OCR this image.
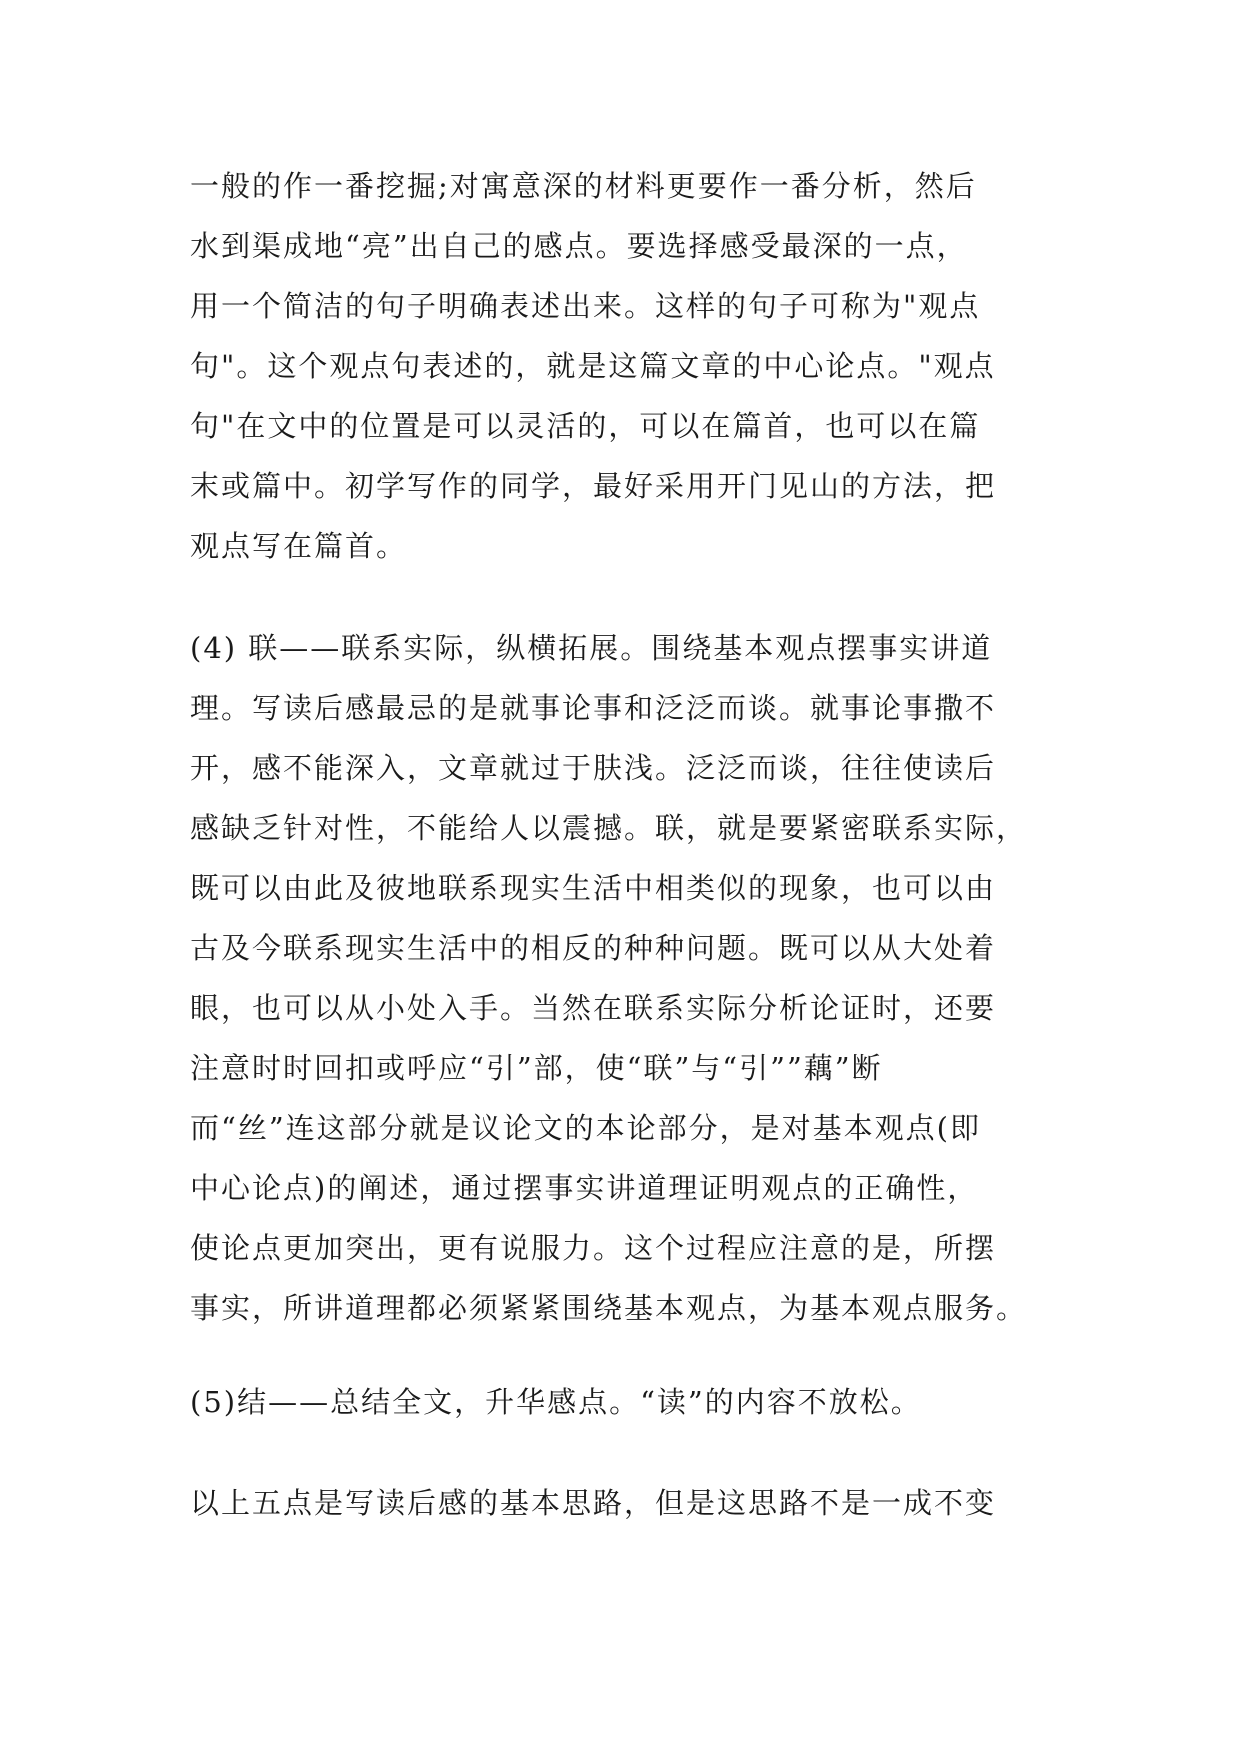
一般的作一番挖掘;对寓意深的材料更要作一番分析，然后
水到渠成地“亮”出自己的感点。要选择感受最深的一点，
用一个简洁的句子明确表述出来。这样的句子可称为"观点
句"。这个观点句表述的，就是这篇文章的中心论点。"观点
句"在文中的位置是可以灵活的，可以在篇首，也可以在篇
末或篇中。初学写作的同学，最好采用开门见山的方法，把
观点写在篇首。
(4) 联——联系实际，纵横拓展。围绕基本观点摆事实讲道
理。写读后感最忌的是就事论事和泛泛而谈。就事论事撒不
开，感不能深入，文章就过于肤浅。泛泛而谈，往往使读后
感缺乏针对性，不能给人以震撼。联，就是要紧密联系实际，
既可以由此及彼地联系现实生活中相类似的现象，也可以由
古及今联系现实生活中的相反的种种问题。既可以从大处着
眼，也可以从小处入手。当然在联系实际分析论证时，还要
注意时时回扣或呼应“引”部，使“联”与“引””藕”断
而“丝”连这部分就是议论文的本论部分，是对基本观点(即
中心论点)的阐述，通过摆事实讲道理证明观点的正确性，
使论点更加突出，更有说服力。这个过程应注意的是，所摆
事实，所讲道理都必须紧紧围绕基本观点，为基本观点服务。
(5)结——总结全文，升华感点。“读”的内容不放松。
以上五点是写读后感的基本思路，但是这思路不是一成不变
